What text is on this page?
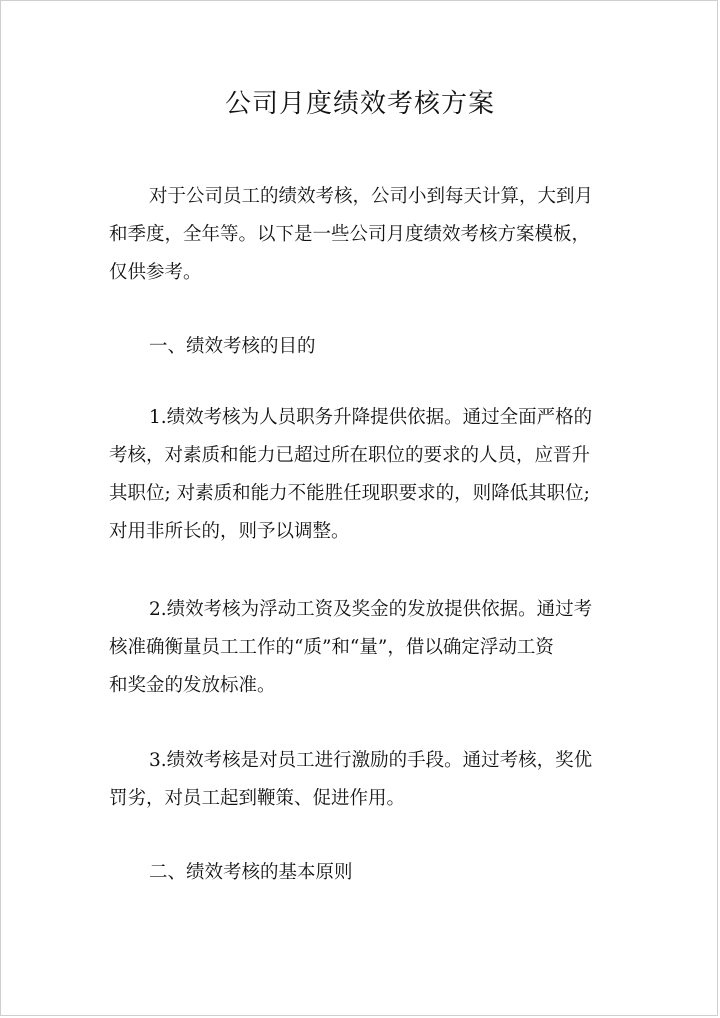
公司月度绩效考核方案
对于公司员工的绩效考核，公司小到每天计算，大到月
和季度，全年等。以下是一些公司月度绩效考核方案模板，
仅供参考。
一、绩效考核的目的
1.绩效考核为人员职务升降提供依据。通过全面严格的
考核，对素质和能力已超过所在职位的要求的人员，应晋升
其职位; 对素质和能力不能胜任现职要求的，则降低其职位;
对用非所长的，则予以调整。
2.绩效考核为浮动工资及奖金的发放提供依据。通过考
核准确衡量员工工作的“质”和“量”，借以确定浮动工资
和奖金的发放标准。
3.绩效考核是对员工进行激励的手段。通过考核，奖优
罚劣，对员工起到鞭策、促进作用。
二、绩效考核的基本原则
